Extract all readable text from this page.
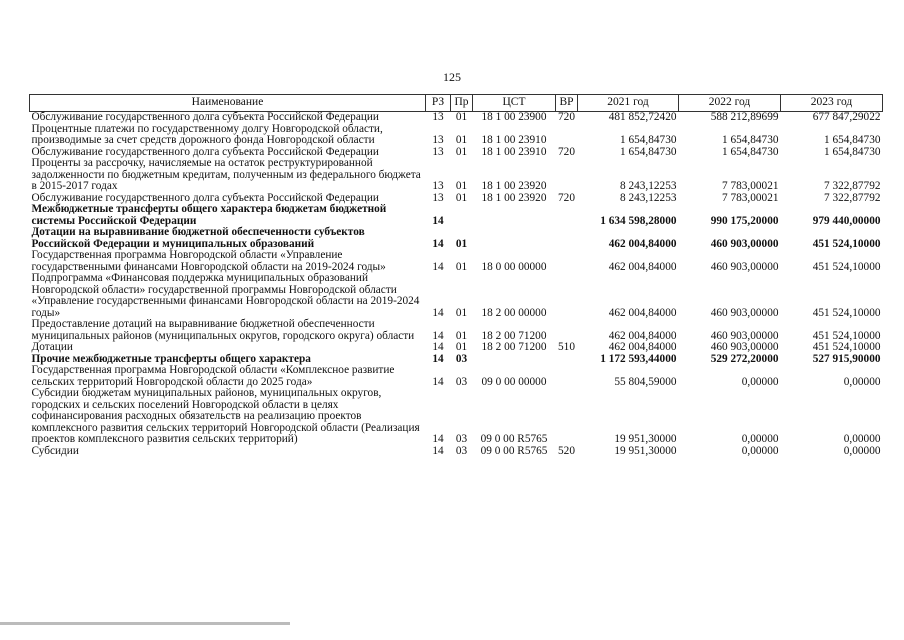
125
Наименование	РЗ	Пр	ЦСТ	ВР	2021 год	2022 год	2023 год
Обслуживание государственного долга субъекта Российской Федерации	13	01	18 1 00 23900	720	481 852,72420	588 212,89699	677 847,29022
Процентные платежи по государственному долгу Новгородской области, производимые за счет средств дорожного фонда Новгородской области	13	01	18 1 00 23910		1 654,84730	1 654,84730	1 654,84730
Обслуживание государственного долга субъекта Российской Федерации	13	01	18 1 00 23910	720	1 654,84730	1 654,84730	1 654,84730
Проценты за рассрочку, начисляемые на остаток реструктурированной задолженности по бюджетным кредитам, полученным из федерального бюджета в 2015-2017 годах	13	01	18 1 00 23920		8 243,12253	7 783,00021	7 322,87792
Обслуживание государственного долга субъекта Российской Федерации	13	01	18 1 00 23920	720	8 243,12253	7 783,00021	7 322,87792
Межбюджетные трансферты общего характера бюджетам бюджетной системы Российской Федерации	14				1 634 598,28000	990 175,20000	979 440,00000
Дотации на выравнивание бюджетной обеспеченности субъектов Российской Федерации и муниципальных образований	14	01			462 004,84000	460 903,00000	451 524,10000
Государственная программа Новгородской области «Управление государственными финансами Новгородской области на 2019-2024 годы»	14	01	18 0 00 00000		462 004,84000	460 903,00000	451 524,10000
Подпрограмма «Финансовая поддержка муниципальных образований Новгородской области» государственной программы Новгородской области «Управление государственными финансами Новгородской области на 2019-2024 годы»	14	01	18 2 00 00000		462 004,84000	460 903,00000	451 524,10000
Предоставление дотаций на выравнивание бюджетной обеспеченности муниципальных районов (муниципальных округов, городского округа) области	14	01	18 2 00 71200		462 004,84000	460 903,00000	451 524,10000
Дотации	14	01	18 2 00 71200	510	462 004,84000	460 903,00000	451 524,10000
Прочие межбюджетные трансферты общего характера	14	03			1 172 593,44000	529 272,20000	527 915,90000
Государственная программа Новгородской области «Комплексное развитие сельских территорий Новгородской области до 2025 года»	14	03	09 0 00 00000		55 804,59000	0,00000	0,00000
Субсидии бюджетам муниципальных районов, муниципальных округов, городских и сельских поселений Новгородской области в целях софинансирования расходных обязательств на реализацию проектов комплексного развития сельских территорий Новгородской области (Реализация проектов комплексного развития сельских территорий)	14	03	09 0 00 R5765		19 951,30000	0,00000	0,00000
Субсидии	14	03	09 0 00 R5765	520	19 951,30000	0,00000	0,00000
